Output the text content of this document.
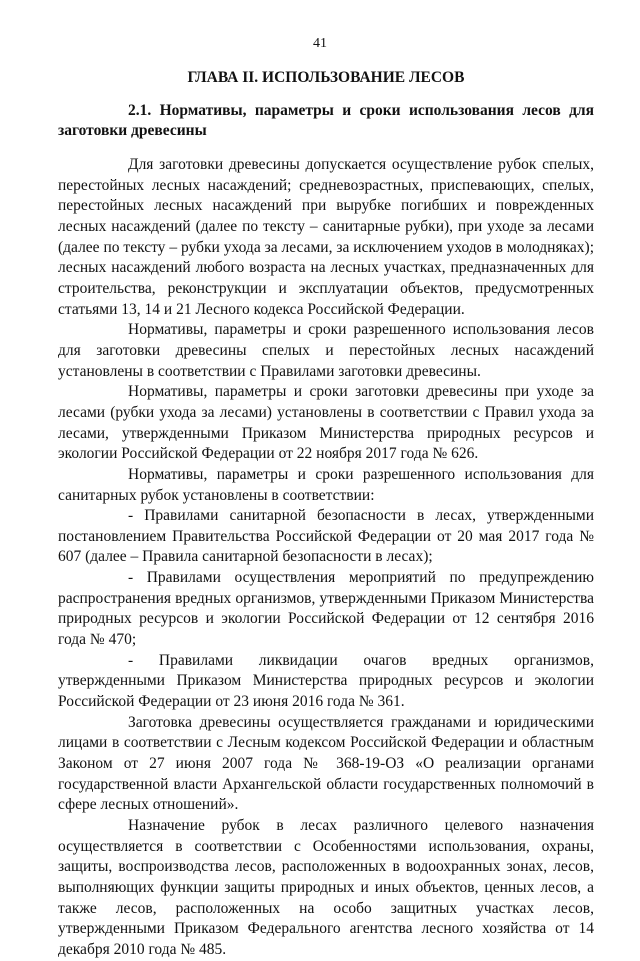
41
ГЛАВА II. ИСПОЛЬЗОВАНИЕ ЛЕСОВ
2.1. Нормативы, параметры и сроки использования лесов для заготовки древесины

Для заготовки древесины допускается осуществление рубок спелых, перестойных лесных насаждений; средневозрастных, приспевающих, спелых, перестойных лесных насаждений при вырубке погибших и поврежденных лесных насаждений (далее по тексту – санитарные рубки), при уходе за лесами (далее по тексту – рубки ухода за лесами, за исключением уходов в молодняках); лесных насаждений любого возраста на лесных участках, предназначенных для строительства, реконструкции и эксплуатации объектов, предусмотренных статьями 13, 14 и 21 Лесного кодекса Российской Федерации.

Нормативы, параметры и сроки разрешенного использования лесов для заготовки древесины спелых и перестойных лесных насаждений установлены в соответствии с Правилами заготовки древесины.

Нормативы, параметры и сроки заготовки древесины при уходе за лесами (рубки ухода за лесами) установлены в соответствии с Правил ухода за лесами, утвержденными Приказом Министерства природных ресурсов и экологии Российской Федерации от 22 ноября 2017 года № 626.

Нормативы, параметры и сроки разрешенного использования для санитарных рубок установлены в соответствии:

- Правилами санитарной безопасности в лесах, утвержденными постановлением Правительства Российской Федерации от 20 мая 2017 года № 607 (далее – Правила санитарной безопасности в лесах);

- Правилами осуществления мероприятий по предупреждению распространения вредных организмов, утвержденными Приказом Министерства природных ресурсов и экологии Российской Федерации от 12 сентября 2016 года № 470;

- Правилами ликвидации очагов вредных организмов, утвержденными Приказом Министерства природных ресурсов и экологии Российской Федерации от 23 июня 2016 года № 361.

Заготовка древесины осуществляется гражданами и юридическими лицами в соответствии с Лесным кодексом Российской Федерации и областным Законом от 27 июня 2007 года № 368-19-ОЗ «О реализации органами государственной власти Архангельской области государственных полномочий в сфере лесных отношений».

Назначение рубок в лесах различного целевого назначения осуществляется в соответствии с Особенностями использования, охраны, защиты, воспроизводства лесов, расположенных в водоохранных зонах, лесов, выполняющих функции защиты природных и иных объектов, ценных лесов, а также лесов, расположенных на особо защитных участках лесов, утвержденными Приказом Федерального агентства лесного хозяйства от 14 декабря 2010 года № 485.
